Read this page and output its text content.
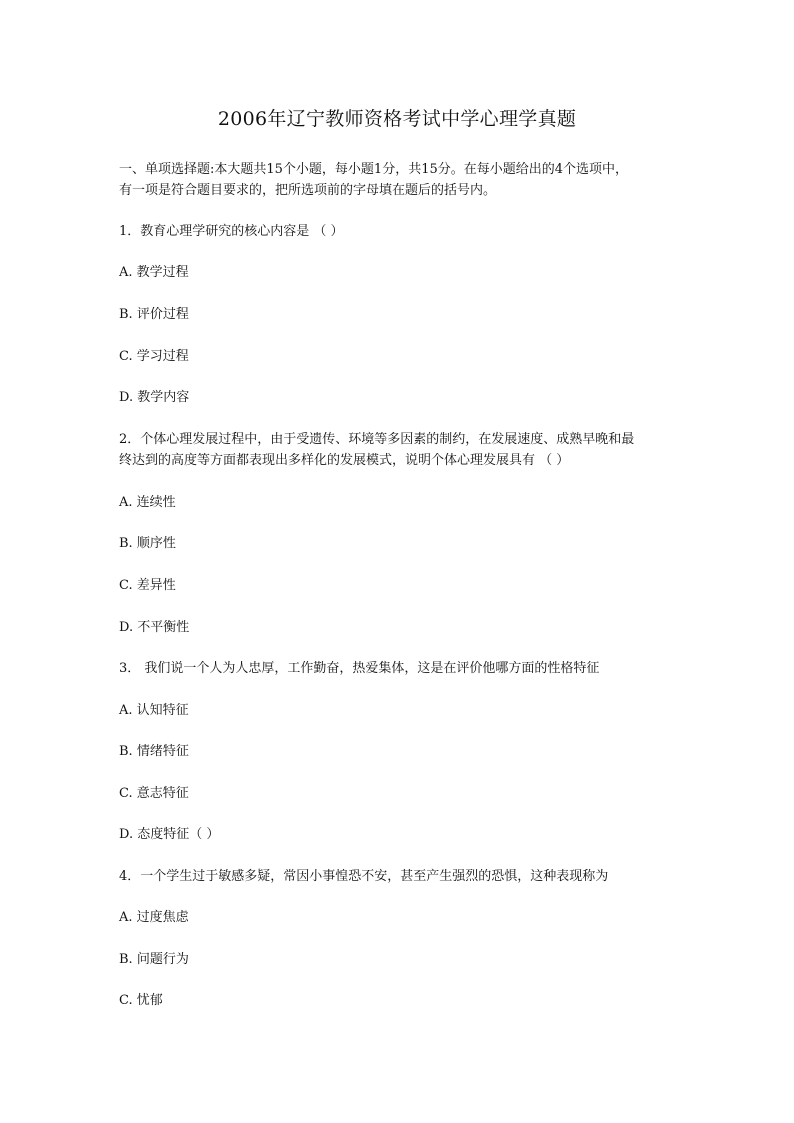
2006年辽宁教师资格考试中学心理学真题
一、单项选择题:本大题共15个小题，每小题1分，共15分。在每小题给出的4个选项中，
有一项是符合题目要求的，把所选项前的字母填在题后的括号内。
1．教育心理学研究的核心内容是 （ ）
A. 教学过程
B. 评价过程
C. 学习过程
D. 教学内容
2．个体心理发展过程中，由于受遗传、环境等多因素的制约，在发展速度、成熟早晚和最
终达到的高度等方面都表现出多样化的发展模式，说明个体心理发展具有 （ ）
A. 连续性
B. 顺序性
C. 差异性
D. 不平衡性
3． 我们说一个人为人忠厚，工作勤奋，热爱集体，这是在评价他哪方面的性格特征
A. 认知特征
B. 情绪特征
C. 意志特征
D. 态度特征（ ）
4．一个学生过于敏感多疑，常因小事惶恐不安，甚至产生强烈的恐惧，这种表现称为
A. 过度焦虑
B. 问题行为
C. 忧郁
